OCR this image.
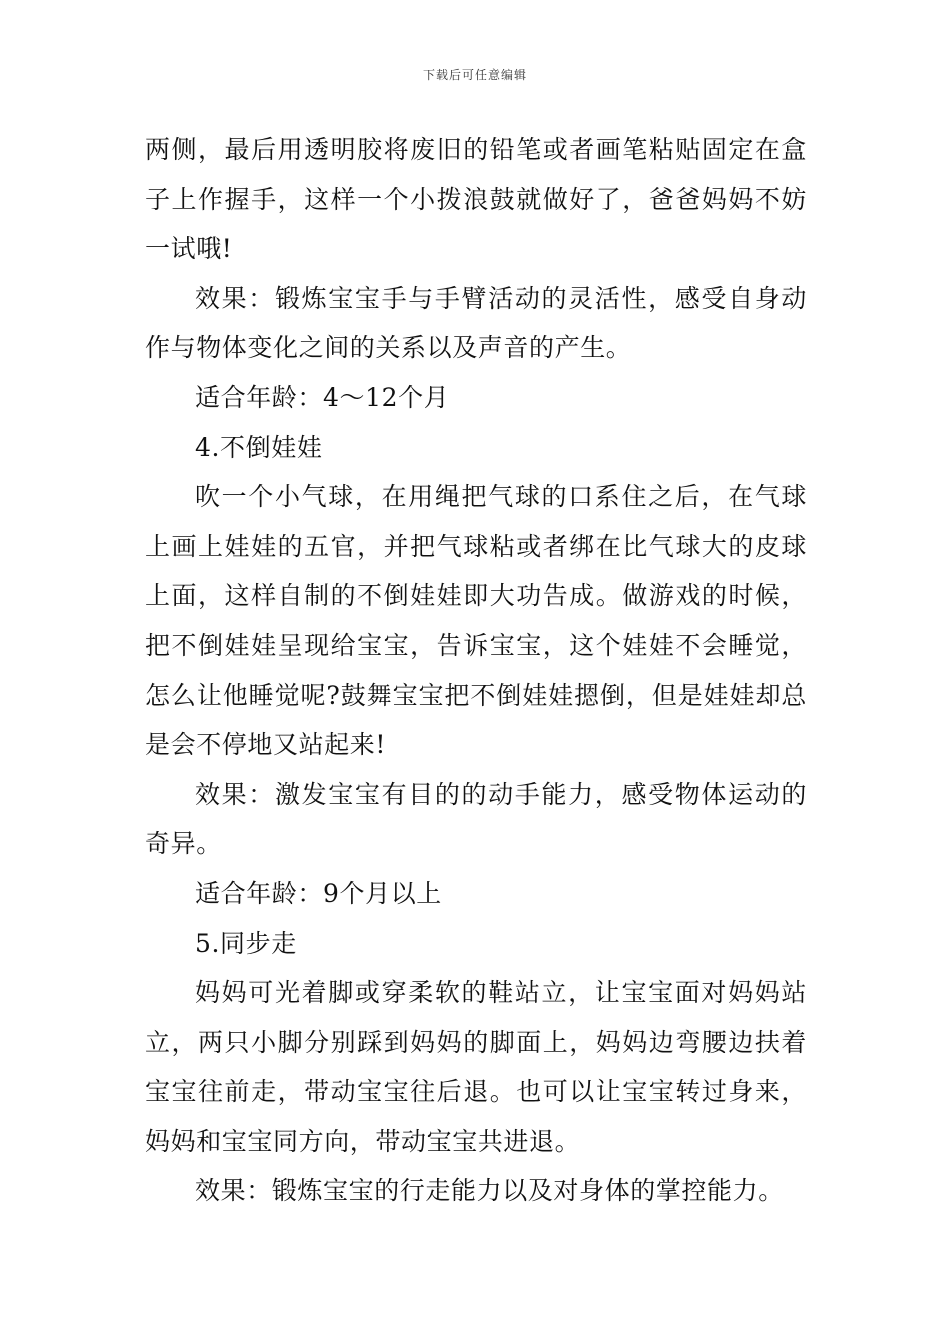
下载后可任意编辑

两侧，最后用透明胶将废旧的铅笔或者画笔粘贴固定在盒子上作握手，这样一个小拨浪鼓就做好了，爸爸妈妈不妨一试哦!

效果：锻炼宝宝手与手臂活动的灵活性，感受自身动作与物体变化之间的关系以及声音的产生。

适合年龄：4～12个月

4.不倒娃娃

吹一个小气球，在用绳把气球的口系住之后，在气球上画上娃娃的五官，并把气球粘或者绑在比气球大的皮球上面，这样自制的不倒娃娃即大功告成。做游戏的时候，把不倒娃娃呈现给宝宝，告诉宝宝，这个娃娃不会睡觉，怎么让他睡觉呢?鼓舞宝宝把不倒娃娃摁倒，但是娃娃却总是会不停地又站起来!

效果：激发宝宝有目的的动手能力，感受物体运动的奇异。

适合年龄：9个月以上

5.同步走

妈妈可光着脚或穿柔软的鞋站立，让宝宝面对妈妈站立，两只小脚分别踩到妈妈的脚面上，妈妈边弯腰边扶着宝宝往前走，带动宝宝往后退。也可以让宝宝转过身来，妈妈和宝宝同方向，带动宝宝共进退。

效果：锻炼宝宝的行走能力以及对身体的掌控能力。
